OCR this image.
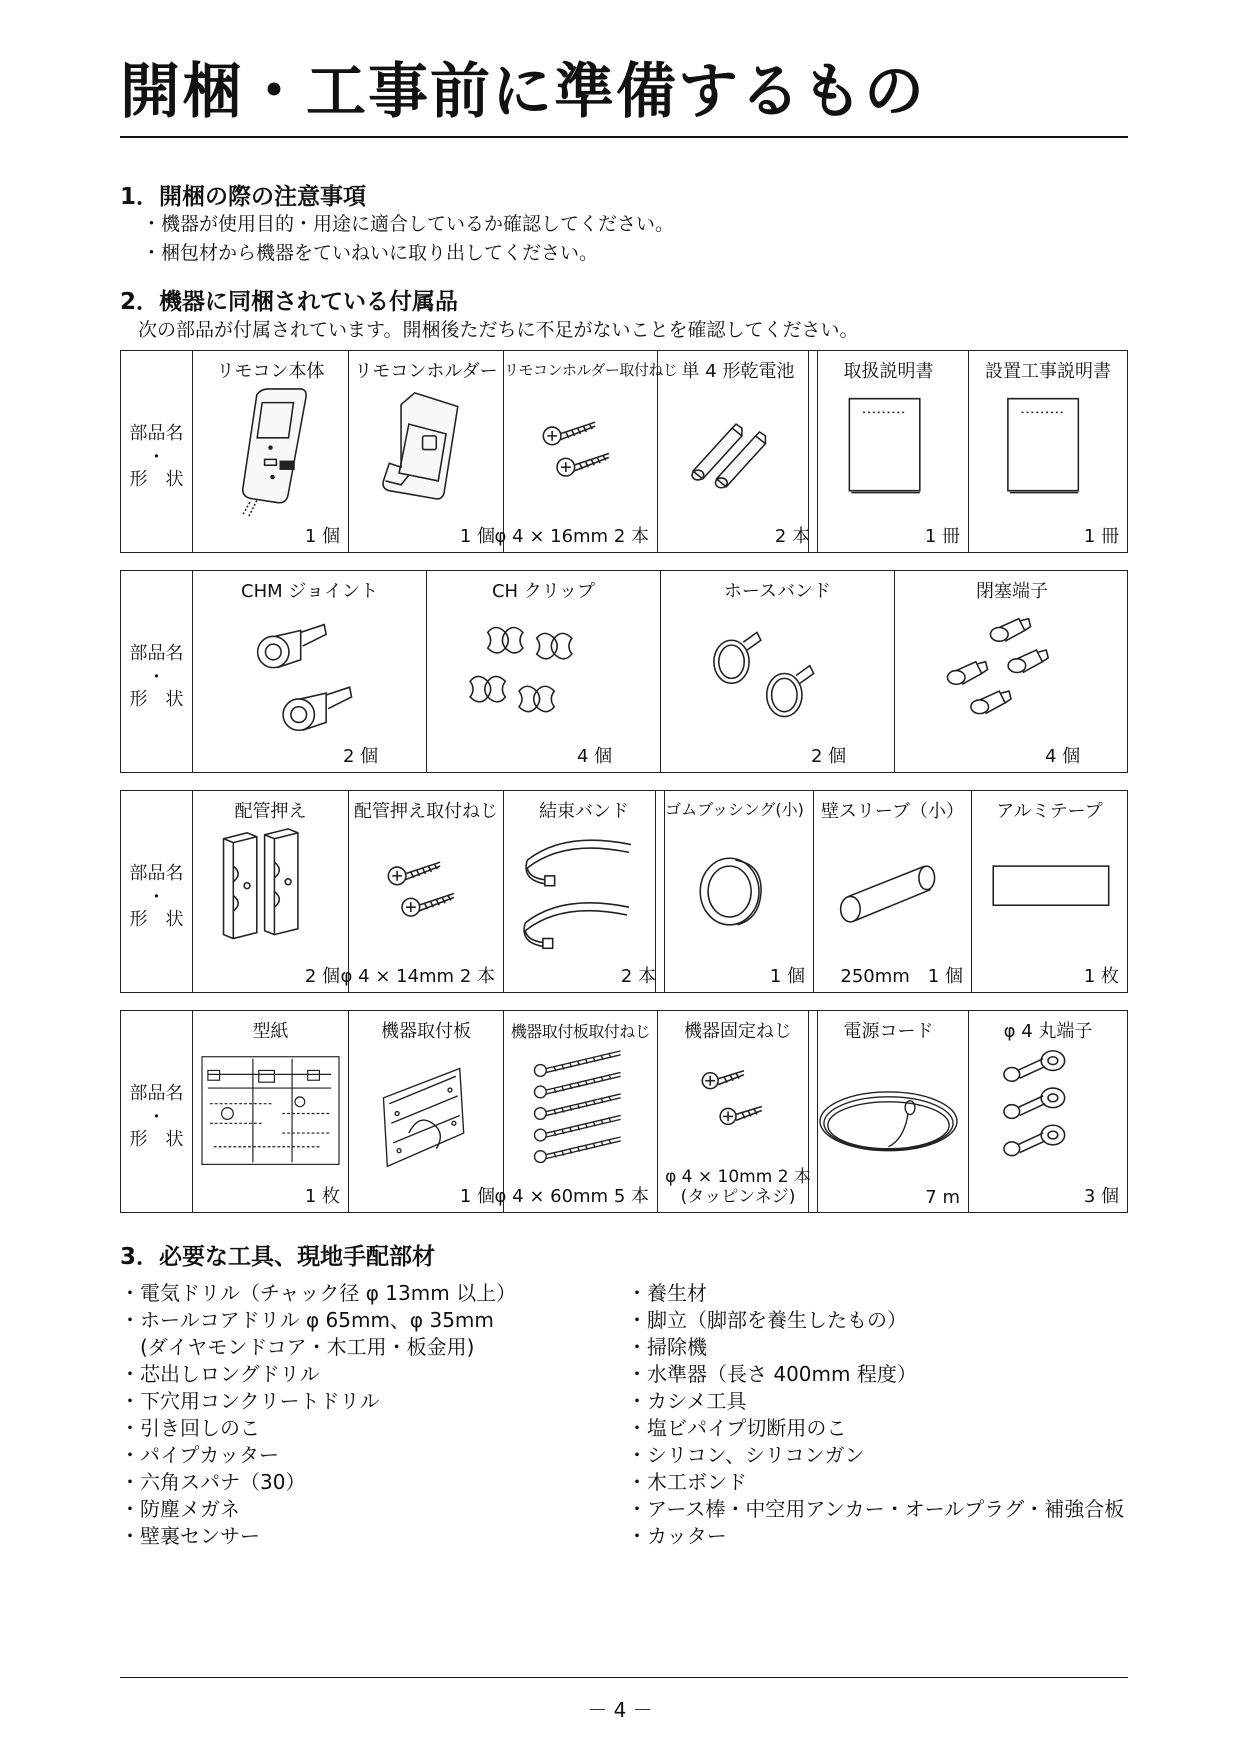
開梱・工事前に準備するもの
1．開梱の際の注意事項
・機器が使用目的・用途に適合しているか確認してください。
・梱包材から機器をていねいに取り出してください。
2．機器に同梱されている付属品
次の部品が付属されています。開梱後ただちに不足がないことを確認してください。
部品名
・
形　状
リモコン本体
1 個
リモコンホルダー
1 個
リモコンホルダー取付ねじ
φ 4 × 16mm 2 本
単 4 形乾電池
2 本
取扱説明書
1 冊
設置工事説明書
1 冊
部品名
・
形　状
CHM ジョイント
2 個
CH クリップ
4 個
ホースバンド
2 個
閉塞端子
4 個
部品名
・
形　状
配管押え
2 個
配管押え取付ねじ
φ 4 × 14mm 2 本
結束バンド
2 本
ゴムブッシング(小)
1 個
壁スリーブ（小）
250mm　1 個
アルミテープ
1 枚
部品名
・
形　状
型紙
1 枚
機器取付板
1 個
機器取付板取付ねじ
φ 4 × 60mm 5 本
機器固定ねじ
φ 4 × 10mm 2 本
(タッピンネジ)
電源コード
7 m
φ 4 丸端子
3 個
3．必要な工具、現地手配部材
・電気ドリル（チャック径 φ 13mm 以上）
・ホールコアドリル φ 65mm、φ 35mm
　(ダイヤモンドコア・木工用・板金用)
・芯出しロングドリル
・下穴用コンクリートドリル
・引き回しのこ
・パイプカッター
・六角スパナ（30）
・防塵メガネ
・壁裏センサー
・養生材
・脚立（脚部を養生したもの）
・掃除機
・水準器（長さ 400mm 程度）
・カシメ工具
・塩ビパイプ切断用のこ
・シリコン、シリコンガン
・木工ボンド
・アース棒・中空用アンカー・オールプラグ・補強合板
・カッター
－ 4 －
